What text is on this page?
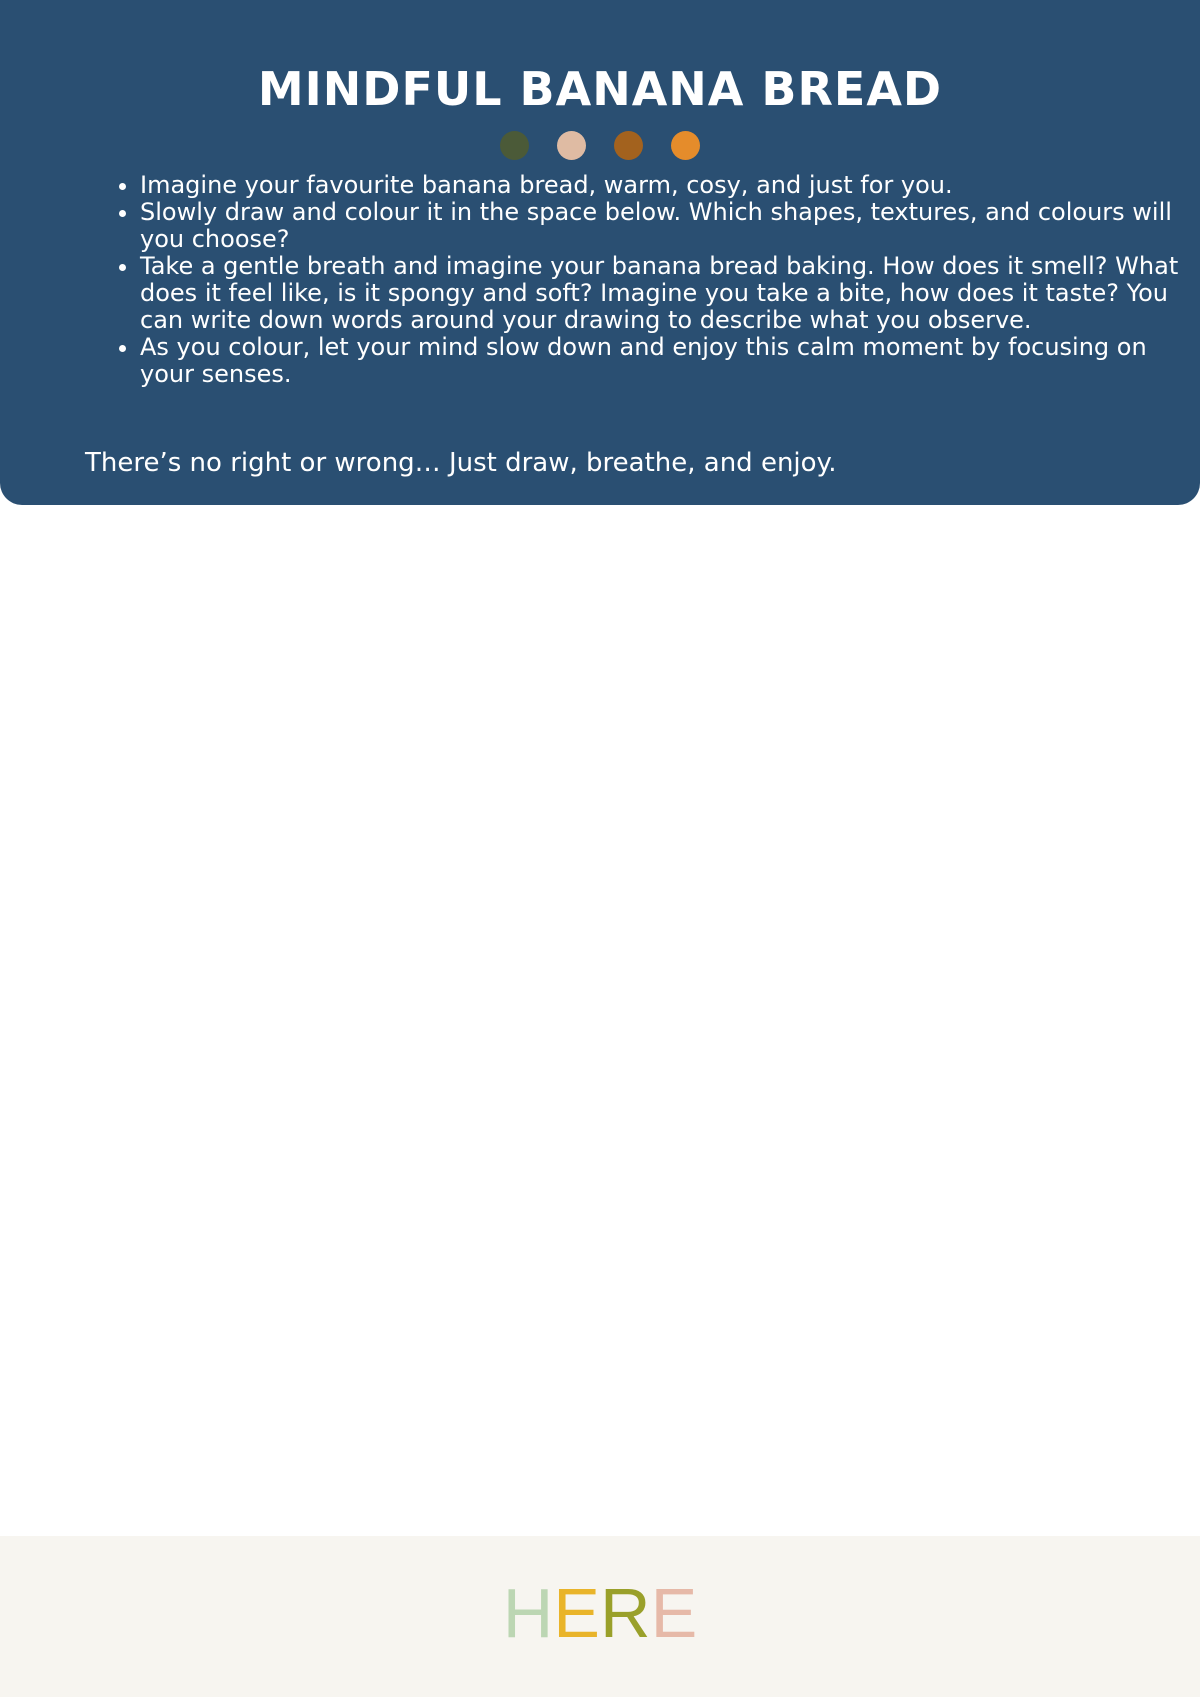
MINDFUL BANANA BREAD
• Imagine your favourite banana bread, warm, cosy, and just for you.
• Slowly draw and colour it in the space below. Which shapes, textures, and colours will you choose?
• Take a gentle breath and imagine your banana bread baking. How does it smell? What does it feel like, is it spongy and soft? Imagine you take a bite, how does it taste? You can write down words around your drawing to describe what you observe.
• As you colour, let your mind slow down and enjoy this calm moment by focusing on your senses.

There’s no right or wrong… Just draw, breathe, and enjoy.

HERE
